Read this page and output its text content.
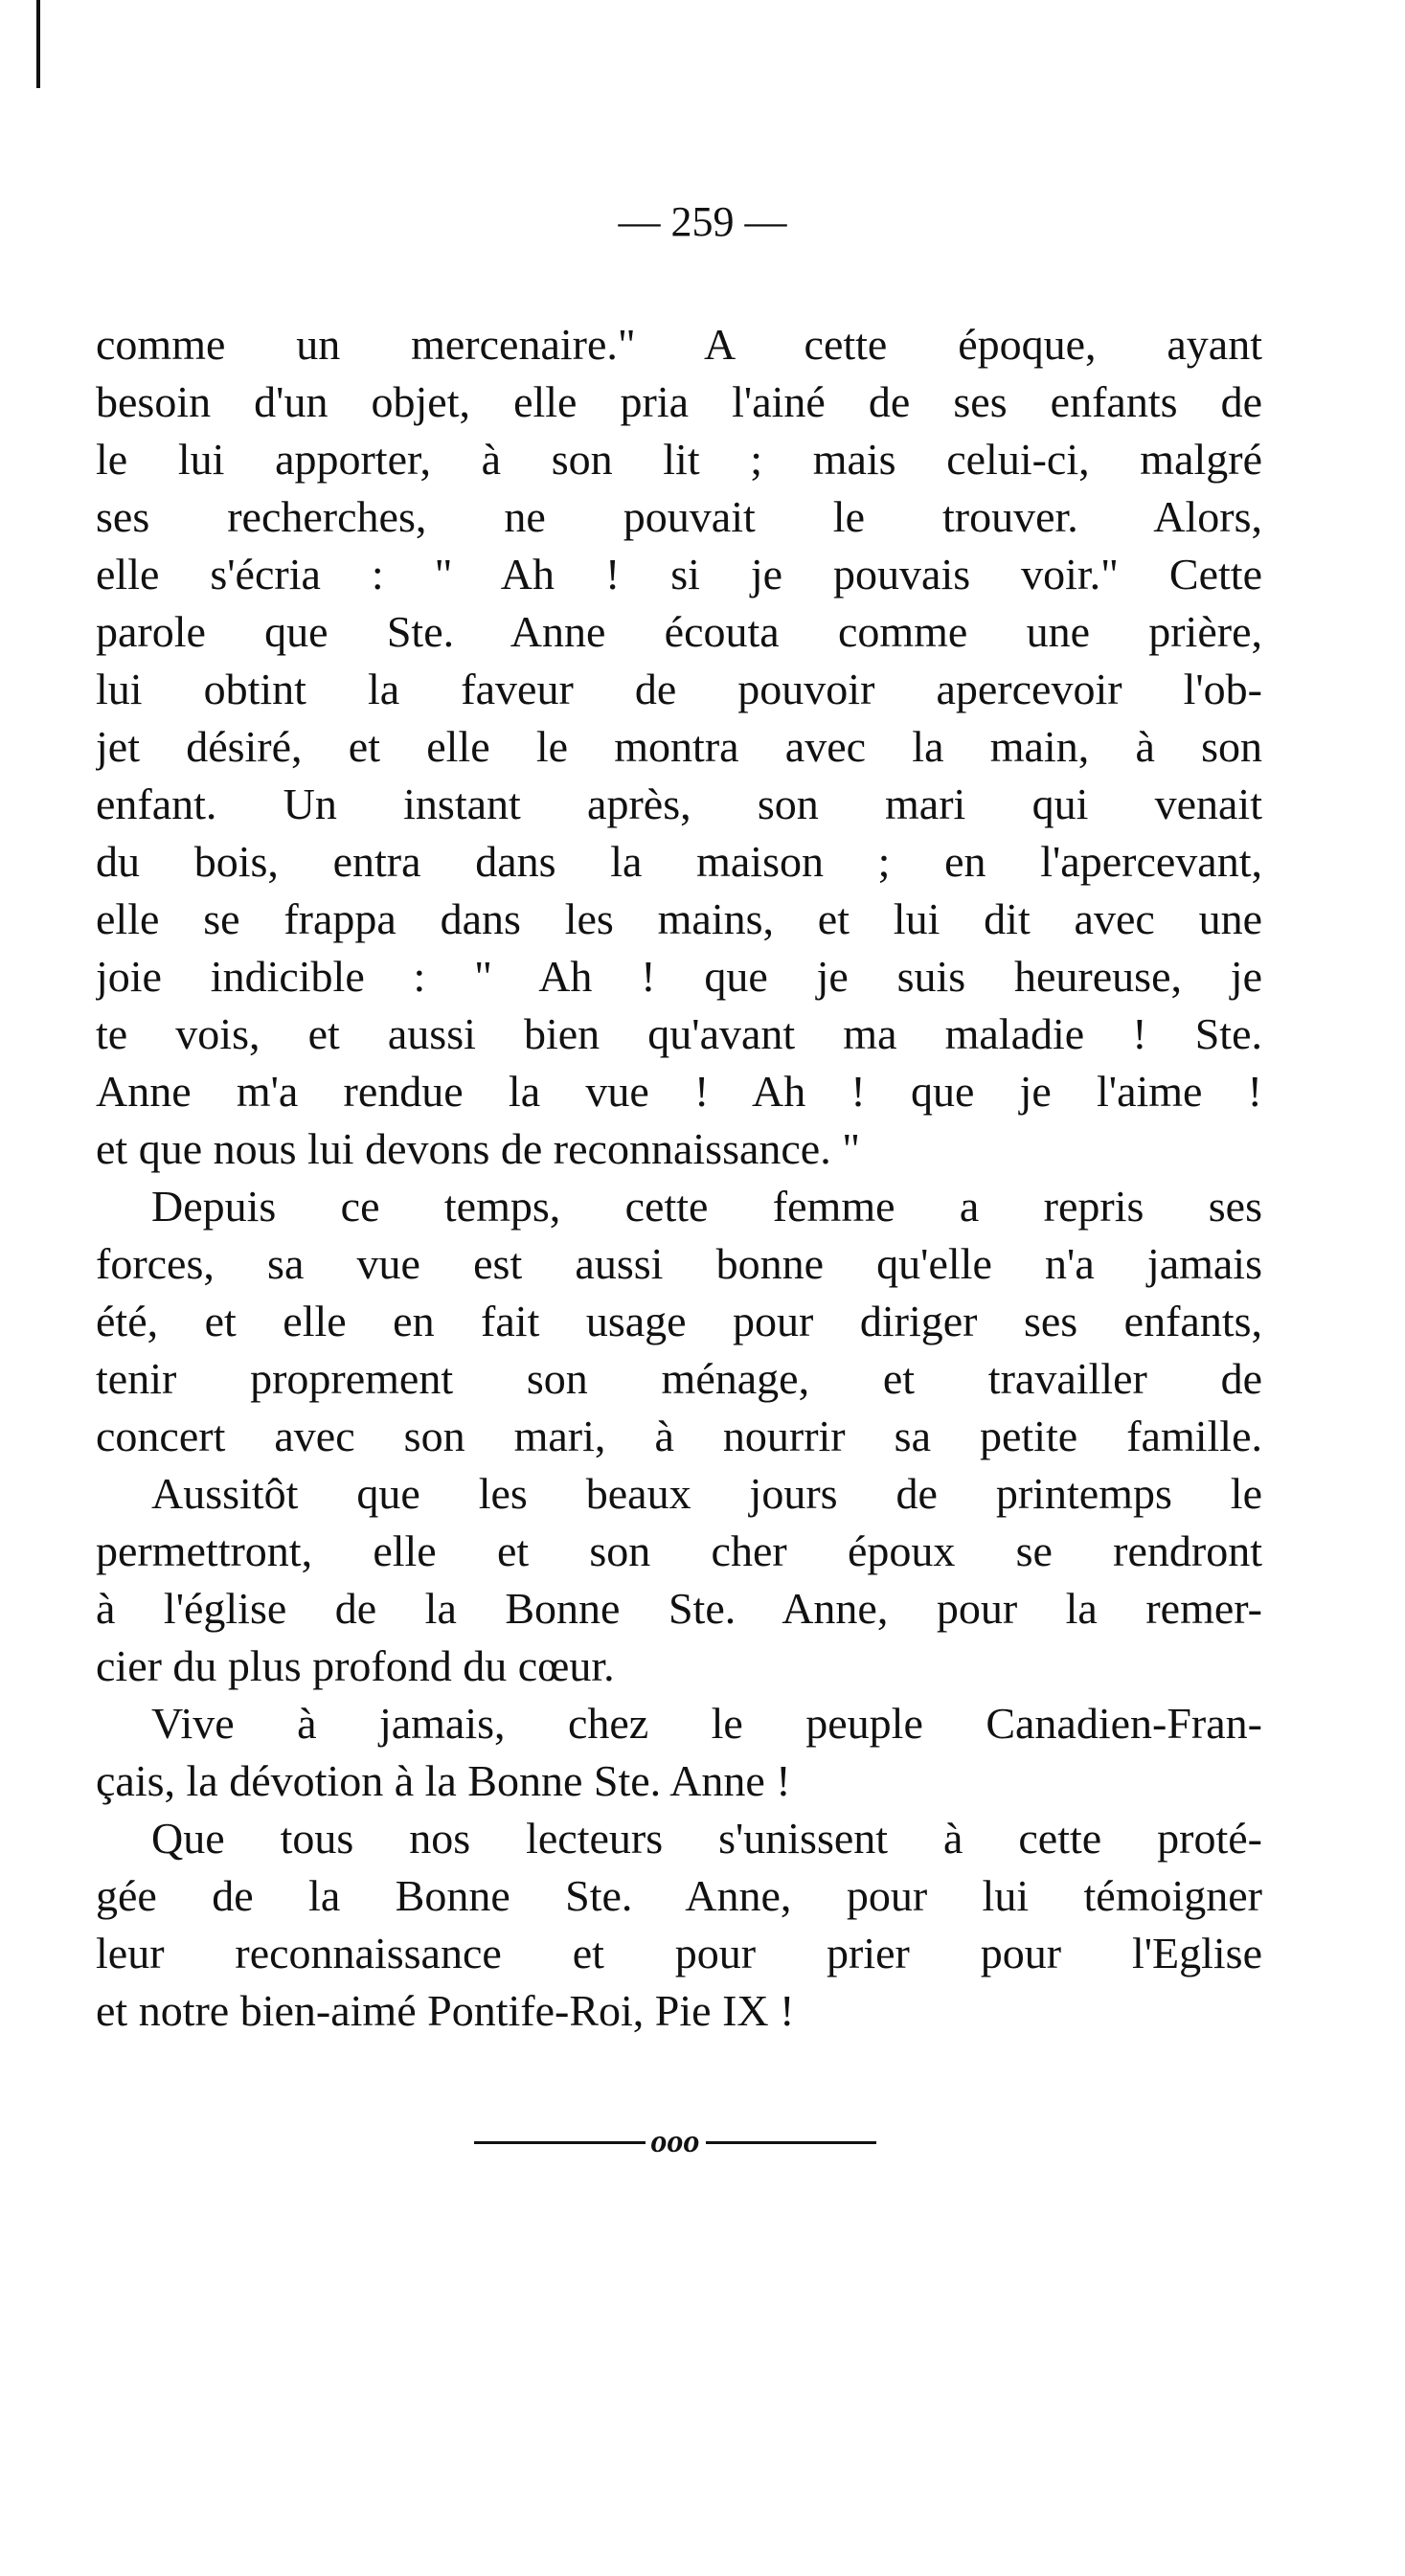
— 259 —
comme un mercenaire." A cette époque, ayant
besoin d'un objet, elle pria l'ainé de ses enfants de
le lui apporter, à son lit ; mais celui-ci, malgré
ses recherches, ne pouvait le trouver. Alors,
elle s'écria : " Ah ! si je pouvais voir." Cette
parole que Ste. Anne écouta comme une prière,
lui obtint la faveur de pouvoir apercevoir l'ob-
jet désiré, et elle le montra avec la main, à son
enfant. Un instant après, son mari qui venait
du bois, entra dans la maison ; en l'apercevant,
elle se frappa dans les mains, et lui dit avec une
joie indicible : " Ah ! que je suis heureuse, je
te vois, et aussi bien qu'avant ma maladie ! Ste.
Anne m'a rendue la vue ! Ah ! que je l'aime !
et que nous lui devons de reconnaissance. "
Depuis ce temps, cette femme a repris ses
forces, sa vue est aussi bonne qu'elle n'a jamais
été, et elle en fait usage pour diriger ses enfants,
tenir proprement son ménage, et travailler de
concert avec son mari, à nourrir sa petite famille.
Aussitôt que les beaux jours de printemps le
permettront, elle et son cher époux se rendront
à l'église de la Bonne Ste. Anne, pour la remer-
cier du plus profond du cœur.
Vive à jamais, chez le peuple Canadien-Fran-
çais, la dévotion à la Bonne Ste. Anne !
Que tous nos lecteurs s'unissent à cette proté-
gée de la Bonne Ste. Anne, pour lui témoigner
leur reconnaissance et pour prier pour l'Eglise
et notre bien-aimé Pontife-Roi, Pie IX !
ooo
